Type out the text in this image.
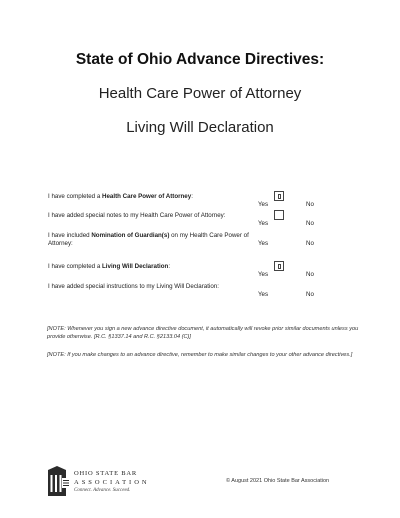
State of Ohio Advance Directives:

Health Care Power of Attorney

Living Will Declaration

I have completed a Health Care Power of Attorney:
Yes	No
I have added special notes to my Health Care Power of Attorney:
Yes	No
I have included Nomination of Guardian(s) on my Health Care Power of Attorney:	Yes	No
I have completed a Living Will Declaration:
Yes	No
I have added special instructions to my Living Will Declaration:
Yes	No

[NOTE: Whenever you sign a new advance directive document, it automatically will revoke prior similar documents unless you provide otherwise. [R.C. §1337.14 and R.C. §2133.04 (C)]

[NOTE: If you make changes to an advance directive, remember to make similar changes to your other advance directives.]

OHIO STATE BAR
ASSOCIATION
Connect. Advance. Succeed.
© August 2021 Ohio State Bar Association
